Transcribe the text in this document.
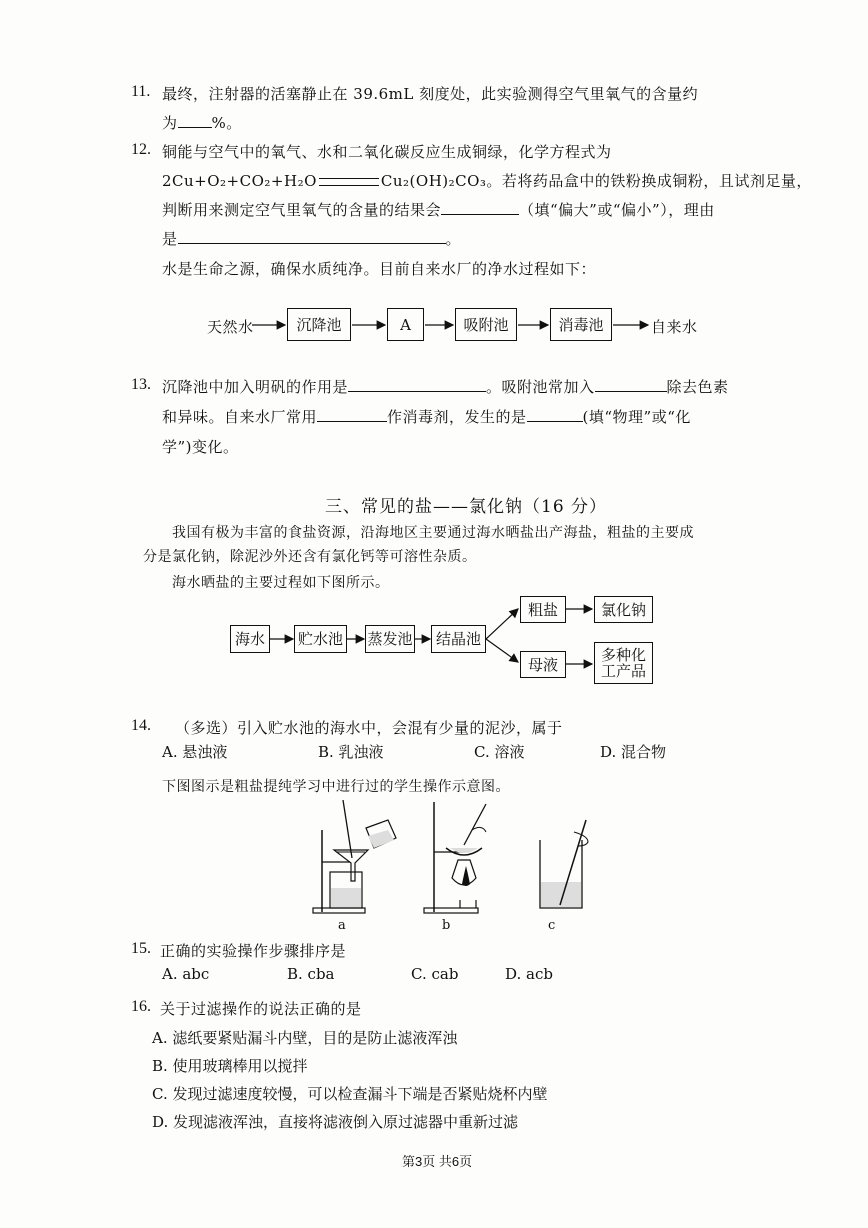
11. 最终，注射器的活塞静止在 39.6mL 刻度处，此实验测得空气里氧气的含量约
为 %。
12. 铜能与空气中的氧气、水和二氧化碳反应生成铜绿，化学方程式为
2Cu+O₂+CO₂+H₂O	Cu₂(OH)₂CO₃。若将药品盒中的铁粉换成铜粉，且试剂足量，
判断用来测定空气里氧气的含量的结果会	（填“偏大”或“偏小”），理由
是	。
水是生命之源，确保水质纯净。目前自来水厂的净水过程如下：
天然水	沉降池	A	吸附池	消毒池	自来水
13. 沉降池中加入明矾的作用是	。吸附池常加入	除去色素
和异味。自来水厂常用	作消毒剂，发生的是	(填“物理”或“化
学”)变化。
三、常见的盐——氯化钠（16 分）
我国有极为丰富的食盐资源，沿海地区主要通过海水晒盐出产海盐，粗盐的主要成
分是氯化钠，除泥沙外还含有氯化钙等可溶性杂质。
海水晒盐的主要过程如下图所示。
海水	贮水池 蒸发池	结晶池
粗盐	氯化钠
母液
多种化
工产品
14. （多选）引入贮水池的海水中，会混有少量的泥沙，属于
A. 悬浊液	B. 乳浊液	C. 溶液	D. 混合物
下图图示是粗盐提纯学习中进行过的学生操作示意图。
a	b	c
15. 正确的实验操作步骤排序是
A. abc	B. cba	C. cab	D. acb
16. 关于过滤操作的说法正确的是
A. 滤纸要紧贴漏斗内壁，目的是防止滤液浑浊
B. 使用玻璃棒用以搅拌
C. 发现过滤速度较慢，可以检查漏斗下端是否紧贴烧杯内壁
D. 发现滤液浑浊，直接将滤液倒入原过滤器中重新过滤
第3页 共6页
